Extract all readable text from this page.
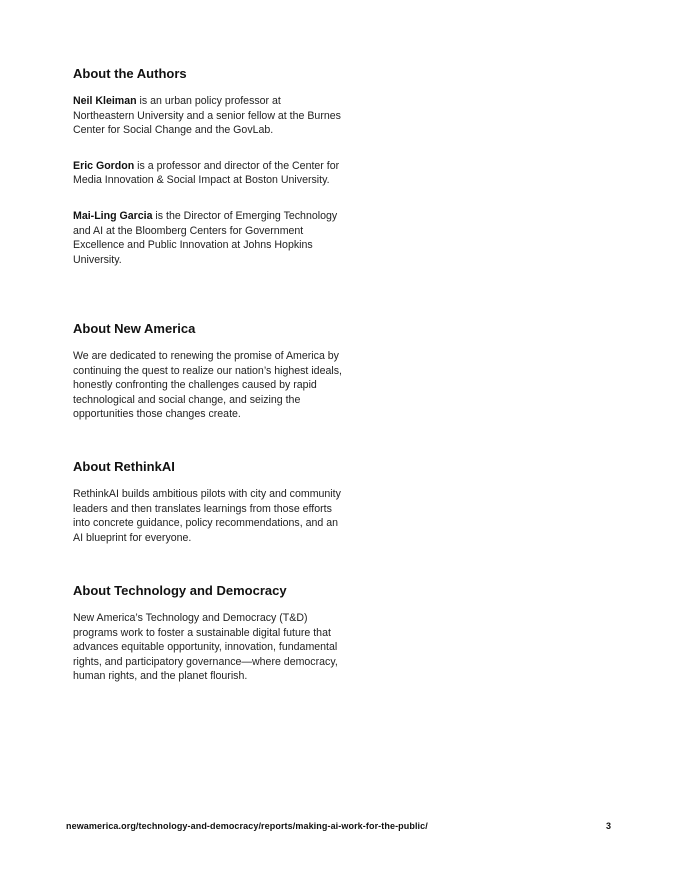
About the Authors

Neil Kleiman is an urban policy professor at Northeastern University and a senior fellow at the Burnes Center for Social Change and the GovLab.

Eric Gordon is a professor and director of the Center for Media Innovation & Social Impact at Boston University.

Mai-Ling Garcia is the Director of Emerging Technology and AI at the Bloomberg Centers for Government Excellence and Public Innovation at Johns Hopkins University.

About New America

We are dedicated to renewing the promise of America by continuing the quest to realize our nation’s highest ideals, honestly confronting the challenges caused by rapid technological and social change, and seizing the opportunities those changes create.

About RethinkAI

RethinkAI builds ambitious pilots with city and community leaders and then translates learnings from those efforts into concrete guidance, policy recommendations, and an AI blueprint for everyone.

About Technology and Democracy

New America’s Technology and Democracy (T&D) programs work to foster a sustainable digital future that advances equitable opportunity, innovation, fundamental rights, and participatory governance—where democracy, human rights, and the planet flourish.

newamerica.org/technology-and-democracy/reports/making-ai-work-for-the-public/	3
